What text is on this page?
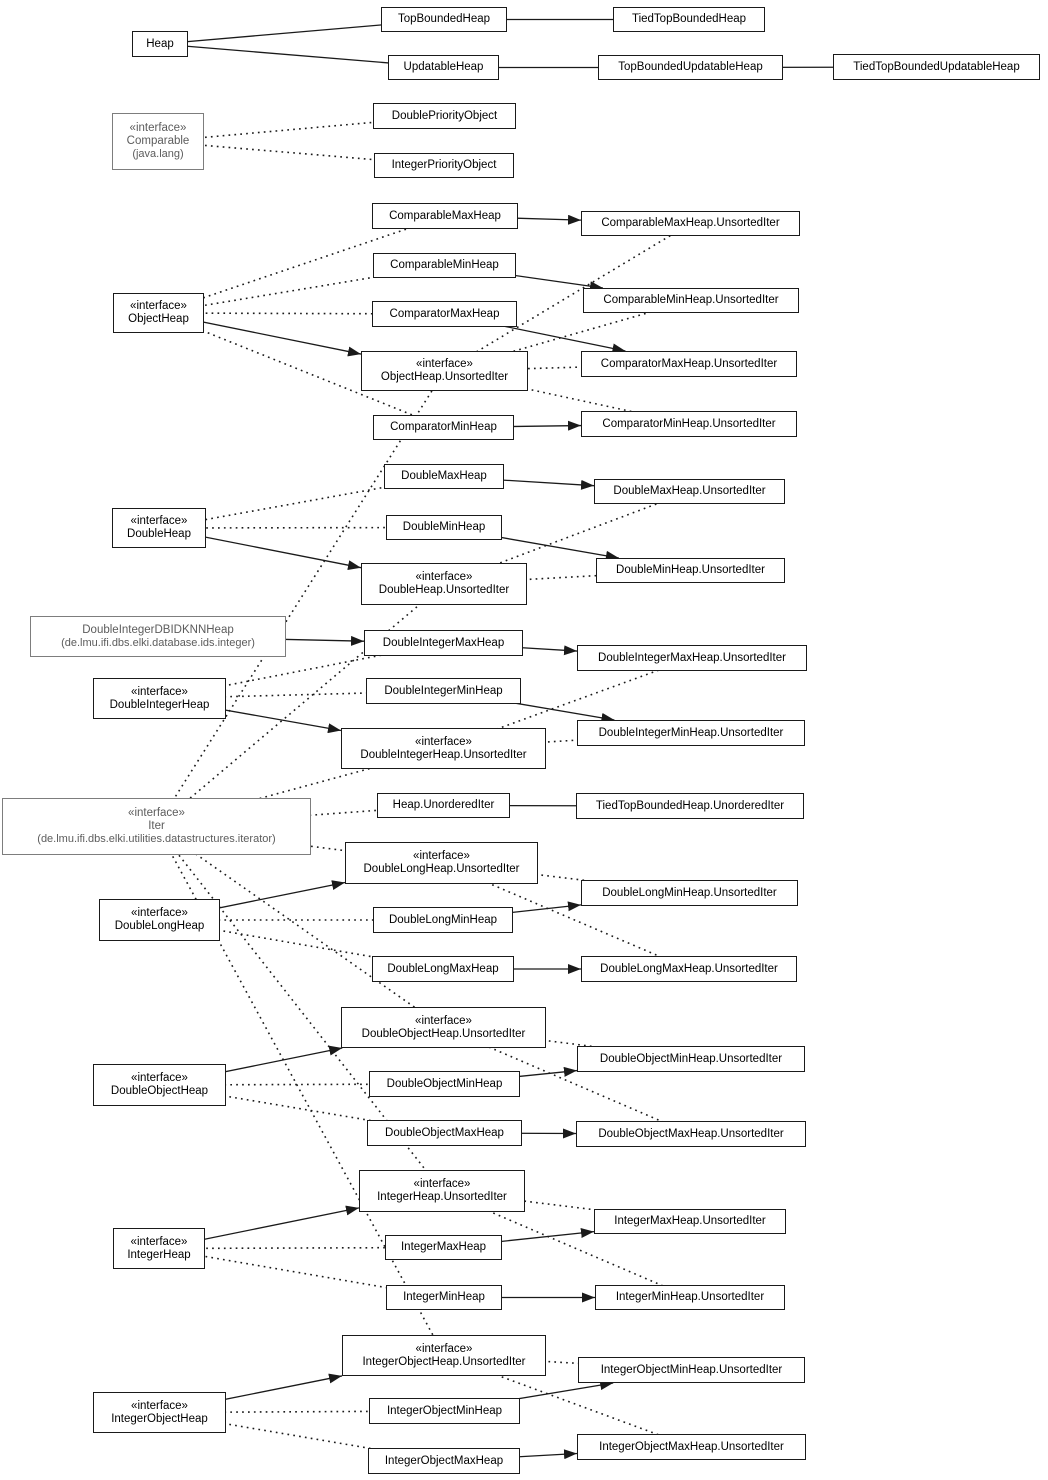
Heap
TopBoundedHeap	TiedTopBoundedHeap
UpdatableHeap	TopBoundedUpdatableHeap	TiedTopBoundedUpdatableHeap
«interface»
Comparable
(java.lang)
DoublePriorityObject
IntegerPriorityObject
ComparableMaxHeap
ComparableMaxHeap.UnsortedIter
ComparableMinHeap
ComparableMinHeap.UnsortedIter
«interface»
ObjectHeap	ComparatorMaxHeap
«interface»
ObjectHeap.UnsortedIter
ComparatorMaxHeap.UnsortedIter
ComparatorMinHeap	ComparatorMinHeap.UnsortedIter
DoubleMaxHeap
DoubleMaxHeap.UnsortedIter
«interface»
DoubleHeap
DoubleMinHeap
DoubleMinHeap.UnsortedIter
«interface»
DoubleHeap.UnsortedIter
DoubleIntegerDBIDKNNHeap
(de.lmu.ifi.dbs.elki.database.ids.integer)	DoubleIntegerMaxHeap
DoubleIntegerMaxHeap.UnsortedIter
«interface»
DoubleIntegerHeap
DoubleIntegerMinHeap
DoubleIntegerMinHeap.UnsortedIter
«interface»
DoubleIntegerHeap.UnsortedIter
«interface»
Iter
(de.lmu.ifi.dbs.elki.utilities.datastructures.iterator)
Heap.UnorderedIter	TiedTopBoundedHeap.UnorderedIter
«interface»
DoubleLongHeap.UnsortedIter
DoubleLongMinHeap.UnsortedIter
«interface»
DoubleLongHeap
DoubleLongMinHeap
DoubleLongMaxHeap	DoubleLongMaxHeap.UnsortedIter
«interface»
DoubleObjectHeap.UnsortedIter
DoubleObjectMinHeap.UnsortedIter
«interface»
DoubleObjectHeap
DoubleObjectMinHeap
DoubleObjectMaxHeap	DoubleObjectMaxHeap.UnsortedIter
«interface»
IntegerHeap.UnsortedIter
IntegerMaxHeap.UnsortedIter
«interface»
IntegerHeap
IntegerMaxHeap
IntegerMinHeap	IntegerMinHeap.UnsortedIter
«interface»
IntegerObjectHeap.UnsortedIter
IntegerObjectMinHeap.UnsortedIter
«interface»
IntegerObjectHeap
IntegerObjectMinHeap
IntegerObjectMaxHeap
IntegerObjectMaxHeap.UnsortedIter
